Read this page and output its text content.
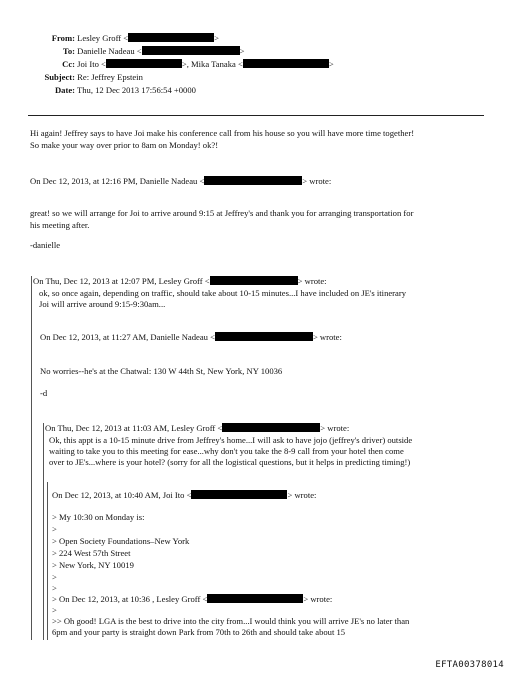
From: Lesley Groff <	>
To: Danielle Nadeau <	>
Cc: Joi Ito <	>, Mika Tanaka <	>
Subject: Re: Jeffrey Epstein
Date: Thu, 12 Dec 2013 17:56:54 +0000
Hi again! Jeffrey says to have Joi make his conference call from his house so you will have more time together!
So make your way over prior to 8am on Monday! ok?!
On Dec 12, 2013, at 12:16 PM, Danielle Nadeau <	> wrote:
great! so we will arrange for Joi to arrive around 9:15 at Jeffrey's and thank you for arranging transportation for
his meeting after.
-danielle
On Thu, Dec 12, 2013 at 12:07 PM, Lesley Groff <	> wrote:
ok, so once again, depending on traffic, should take about 10-15 minutes...I have included on JE's itinerary
Joi will arrive around 9:15-9:30am...
On Dec 12, 2013, at 11:27 AM, Danielle Nadeau <	> wrote:
No worries--he's at the Chatwal: 130 W 44th St, New York, NY 10036
-d
On Thu, Dec 12, 2013 at 11:03 AM, Lesley Groff <	> wrote:
Ok, this appt is a 10-15 minute drive from Jeffrey's home...I will ask to have jojo (jeffrey's driver) outside
waiting to take you to this meeting for ease...why don't you take the 8-9 call from your hotel then come
over to JE's...where is your hotel? (sorry for all the logistical questions, but it helps in predicting timing!)
On Dec 12, 2013, at 10:40 AM, Joi Ito <	> wrote:
> My 10:30 on Monday is:
>
> Open Society Foundations–New York
> 224 West 57th Street
> New York, NY 10019
>
>
> On Dec 12, 2013, at 10:36 , Lesley Groff <	> wrote:
>
>> Oh good! LGA is the best to drive into the city from...I would think you will arrive JE's no later than
6pm and your party is straight down Park from 70th to 26th and should take about 15
EFTA00378014
